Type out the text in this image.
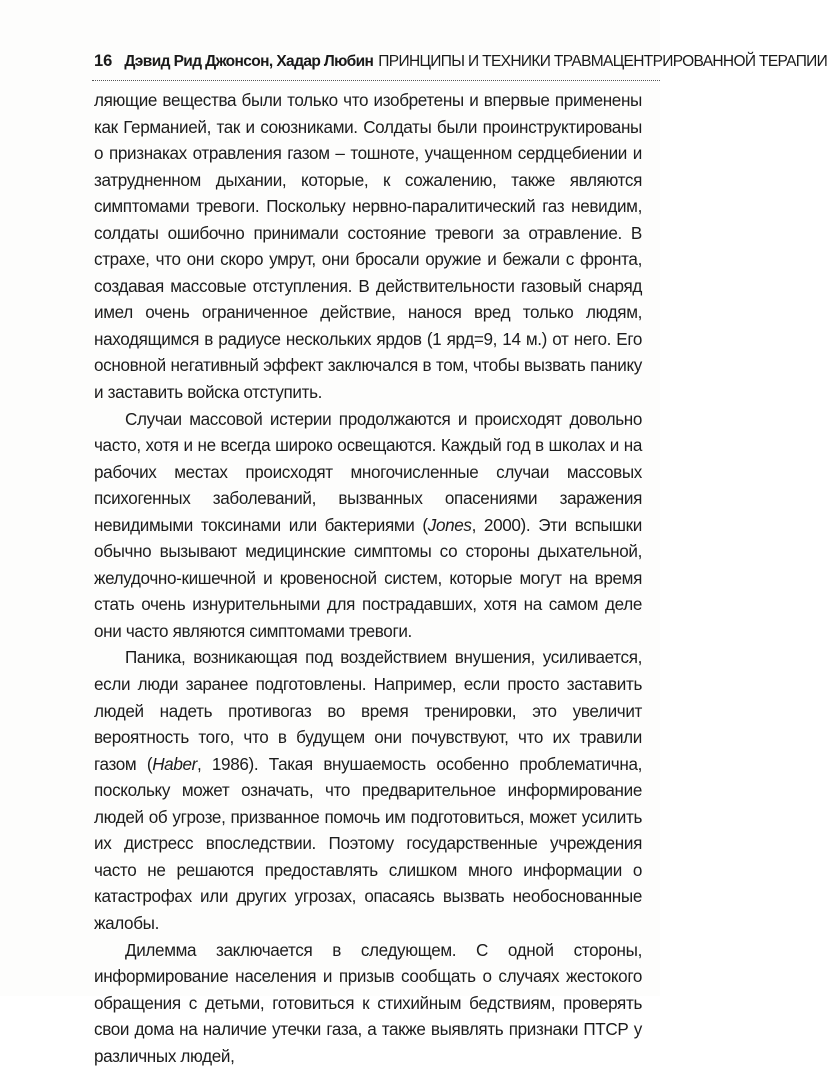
16 Дэвид Рид Джонсон, Хадар Любин ПРИНЦИПЫ И ТЕХНИКИ ТРАВМАЦЕНТРИРОВАННОЙ ТЕРАПИИ

ляющие вещества были только что изобретены и впервые применены как Германией, так и союзниками. Солдаты были проинструктированы о признаках отравления газом – тошноте, учащенном сердцебиении и затрудненном дыхании, которые, к сожалению, также являются симптомами тревоги. Поскольку нервно-паралитический газ невидим, солдаты ошибочно принимали состояние тревоги за отравление. В страхе, что они скоро умрут, они бросали оружие и бежали с фронта, создавая массовые отступления. В действительности газовый снаряд имел очень ограниченное действие, нанося вред только людям, находящимся в радиусе нескольких ярдов (1 ярд=9, 14 м.) от него. Его основной негативный эффект заключался в том, чтобы вызвать панику и заставить войска отступить.

Случаи массовой истерии продолжаются и происходят довольно часто, хотя и не всегда широко освещаются. Каждый год в школах и на рабочих местах происходят многочисленные случаи массовых психогенных заболеваний, вызванных опасениями заражения невидимыми токсинами или бактериями (Jones, 2000). Эти вспышки обычно вызывают медицинские симптомы со стороны дыхательной, желудочно-кишечной и кровеносной систем, которые могут на время стать очень изнурительными для пострадавших, хотя на самом деле они часто являются симптомами тревоги.

Паника, возникающая под воздействием внушения, усиливается, если люди заранее подготовлены. Например, если просто заставить людей надеть противогаз во время тренировки, это увеличит вероятность того, что в будущем они почувствуют, что их травили газом (Haber, 1986). Такая внушаемость особенно проблематична, поскольку может означать, что предварительное информирование людей об угрозе, призванное помочь им подготовиться, может усилить их дистресс впоследствии. Поэтому государственные учреждения часто не решаются предоставлять слишком много информации о катастрофах или других угрозах, опасаясь вызвать необоснованные жалобы.

Дилемма заключается в следующем. С одной стороны, информирование населения и призыв сообщать о случаях жестокого обращения с детьми, готовиться к стихийным бедствиям, проверять свои дома на наличие утечки газа, а также выявлять признаки ПТСР у различных людей,
